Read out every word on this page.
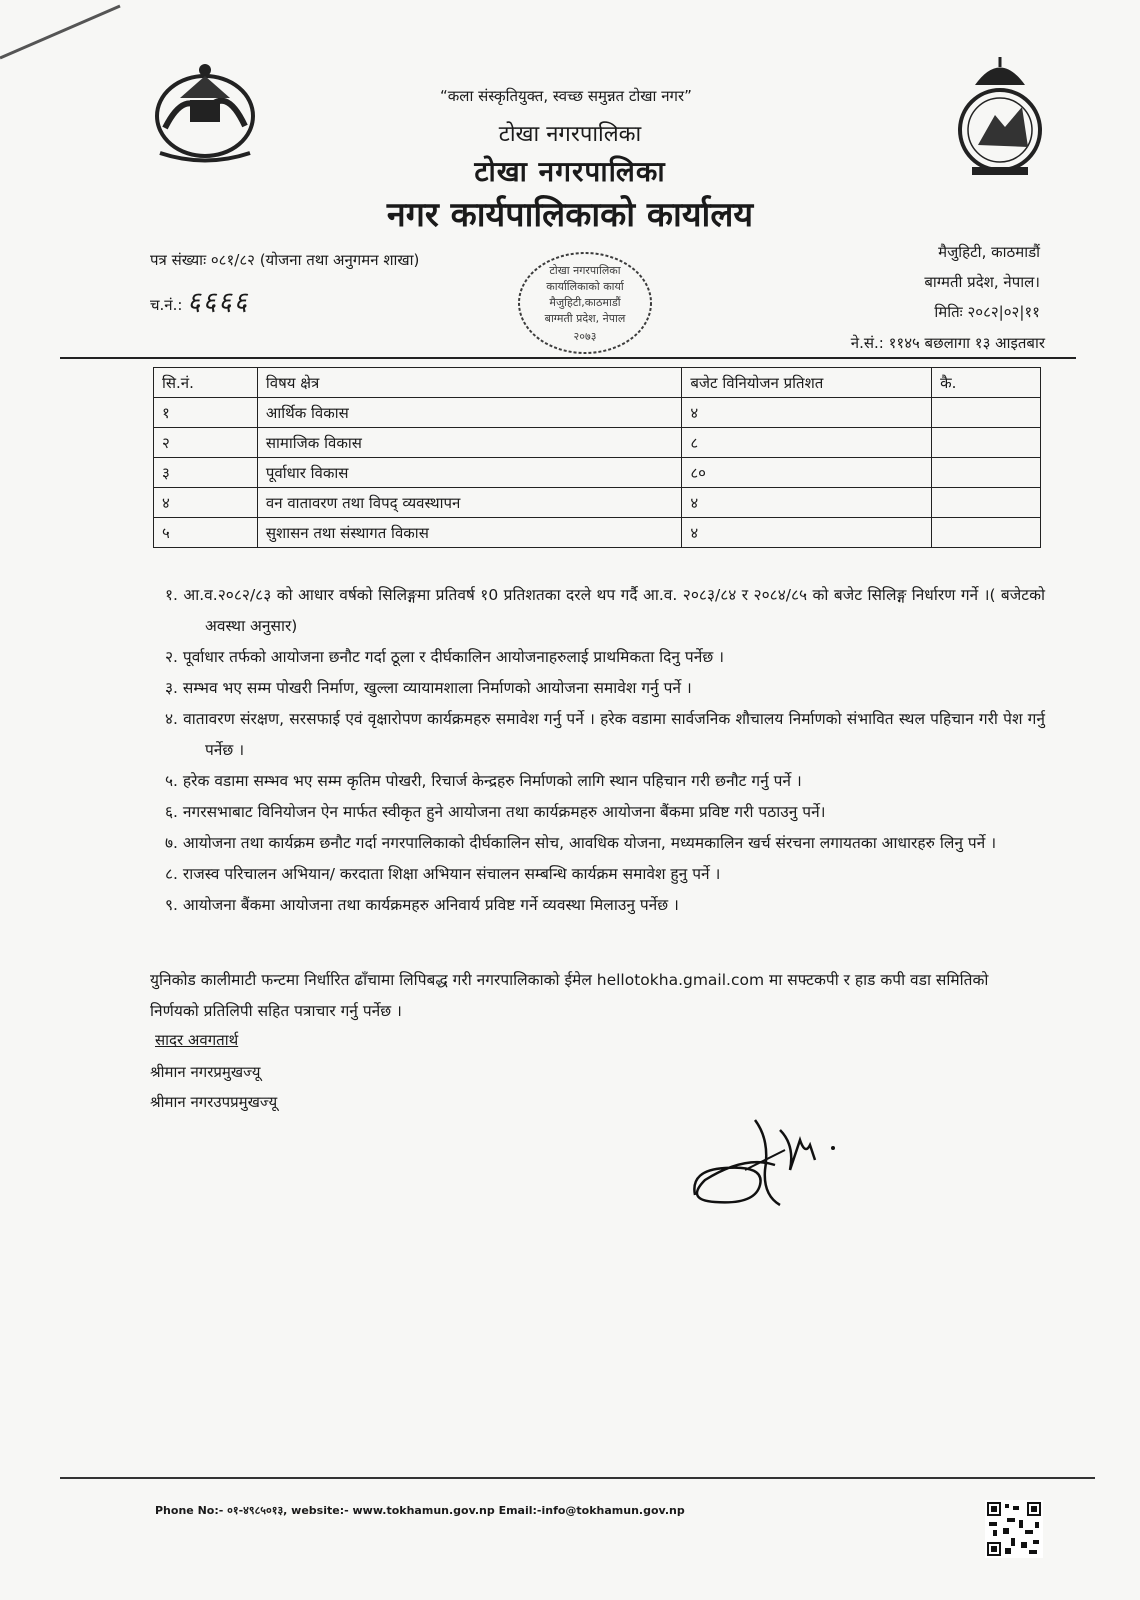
“कला संस्कृतियुक्त, स्वच्छ समुन्नत टोखा नगर”
टोखा नगरपालिका
टोखा नगरपालिका
नगर कार्यपालिकाको कार्यालय
पत्र संख्याः ०८१/८२ (योजना तथा अनुगमन शाखा)
च.नं.: ६६६६
टोखा नगरपालिका
कार्यालिकाको कार्या
मैजुहिटी,काठमाडौं
बाग्मती प्रदेश, नेपाल
२०७३
मैजुहिटी, काठमाडौं
बाग्मती प्रदेश, नेपाल।
मितिः २०८२|०२|११
ने.सं.: ११४५ बछलागा १३ आइतबार
सि.नं.	विषय क्षेत्र	बजेट विनियोजन प्रतिशत	कै.
१	आर्थिक विकास	४	
२	सामाजिक विकास	८	
३	पूर्वाधार विकास	८०	
४	वन वातावरण तथा विपद् व्यवस्थापन	४	
५	सुशासन तथा संस्थागत विकास	४	
१. आ.व.२०८२/८३ को आधार वर्षको सिलिङ्गमा प्रतिवर्ष १0 प्रतिशतका दरले थप गर्दै आ.व. २०८३/८४ र २०८४/८५ को बजेट सिलिङ्ग निर्धारण गर्ने ।( बजेटको अवस्था अनुसार)
२. पूर्वाधार तर्फको आयोजना छनौट गर्दा ठूला र दीर्घकालिन आयोजनाहरुलाई प्राथमिकता दिनु पर्नेछ ।
३. सम्भव भए सम्म पोखरी निर्माण, खुल्ला व्यायामशाला निर्माणको आयोजना समावेश गर्नु पर्ने ।
४. वातावरण संरक्षण, सरसफाई एवं वृक्षारोपण कार्यक्रमहरु समावेश गर्नु पर्ने । हरेक वडामा सार्वजनिक शौचालय निर्माणको संभावित स्थल पहिचान गरी पेश गर्नु पर्नेछ ।
५. हरेक वडामा सम्भव भए सम्म कृतिम पोखरी, रिचार्ज केन्द्रहरु निर्माणको लागि स्थान पहिचान गरी छनौट गर्नु पर्ने ।
६. नगरसभाबाट विनियोजन ऐन मार्फत स्वीकृत हुने आयोजना तथा कार्यक्रमहरु आयोजना बैंकमा प्रविष्ट गरी पठाउनु पर्ने।
७. आयोजना तथा कार्यक्रम छनौट गर्दा नगरपालिकाको दीर्घकालिन सोच, आवधिक योजना, मध्यमकालिन खर्च संरचना लगायतका आधारहरु लिनु पर्ने ।
८. राजस्व परिचालन अभियान/ करदाता शिक्षा अभियान संचालन सम्बन्धि कार्यक्रम समावेश हुनु पर्ने ।
९. आयोजना बैंकमा आयोजना तथा कार्यक्रमहरु अनिवार्य प्रविष्ट गर्ने व्यवस्था मिलाउनु पर्नेछ ।
युनिकोड कालीमाटी फन्टमा निर्धारित ढाँचामा लिपिबद्ध गरी नगरपालिकाको ईमेल hellotokha.gmail.com मा सफ्टकपी र हाड कपी वडा समितिको निर्णयको प्रतिलिपी सहित पत्राचार गर्नु पर्नेछ ।
सादर अवगतार्थ
श्रीमान नगरप्रमुखज्यू
श्रीमान नगरउपप्रमुखज्यू
Phone No:- ०१-४९८५०१३, website:- www.tokhamun.gov.np Email:-info@tokhamun.gov.np
